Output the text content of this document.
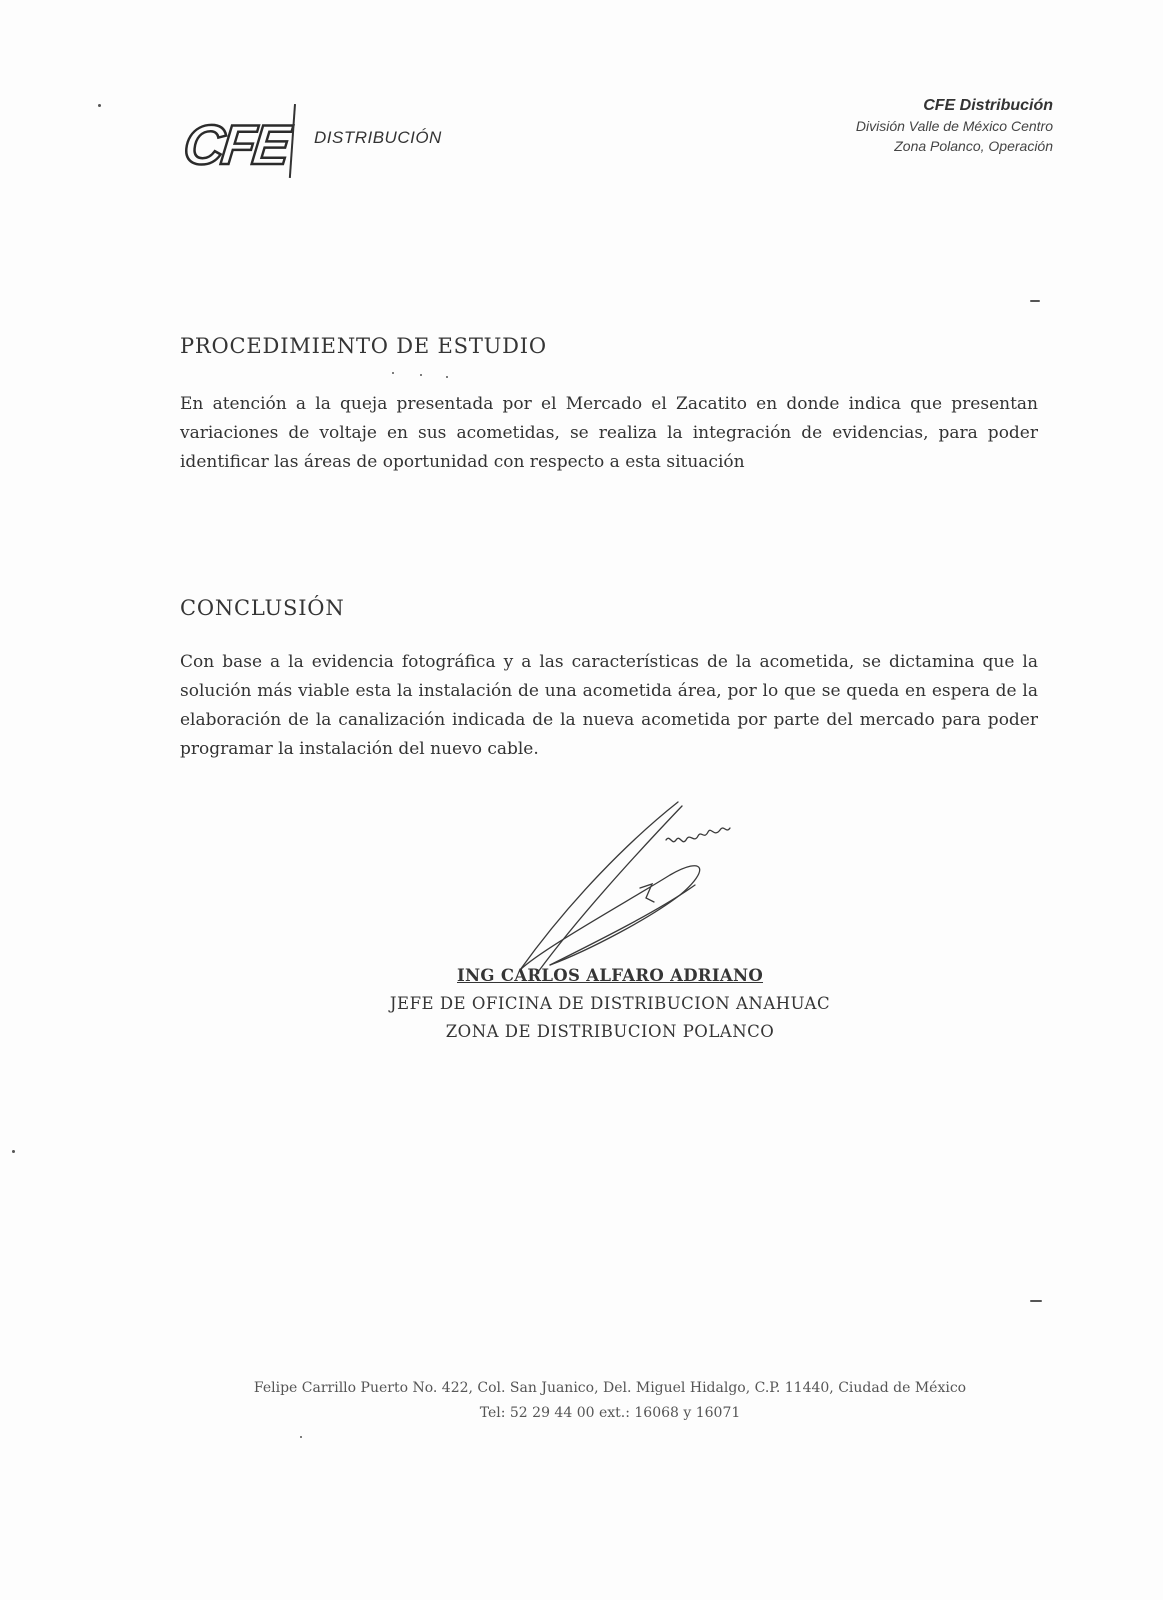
CFE DISTRIBUCIÓN
CFE Distribución
División Valle de México Centro
Zona Polanco, Operación
PROCEDIMIENTO DE ESTUDIO

En atención a la queja presentada por el Mercado el Zacatito en donde indica que presentan variaciones de voltaje en sus acometidas, se realiza la integración de evidencias, para poder identificar las áreas de oportunidad con respecto a esta situación

CONCLUSIÓN

Con base a la evidencia fotográfica y a las características de la acometida, se dictamina que la solución más viable esta la instalación de una acometida área, por lo que se queda en espera de la elaboración de la canalización indicada de la nueva acometida por parte del mercado para poder programar la instalación del nuevo cable.

ING CARLOS ALFARO ADRIANO
JEFE DE OFICINA DE DISTRIBUCION ANAHUAC
ZONA DE DISTRIBUCION POLANCO
Felipe Carrillo Puerto No. 422, Col. San Juanico, Del. Miguel Hidalgo, C.P. 11440, Ciudad de México
Tel: 52 29 44 00 ext.: 16068 y 16071
